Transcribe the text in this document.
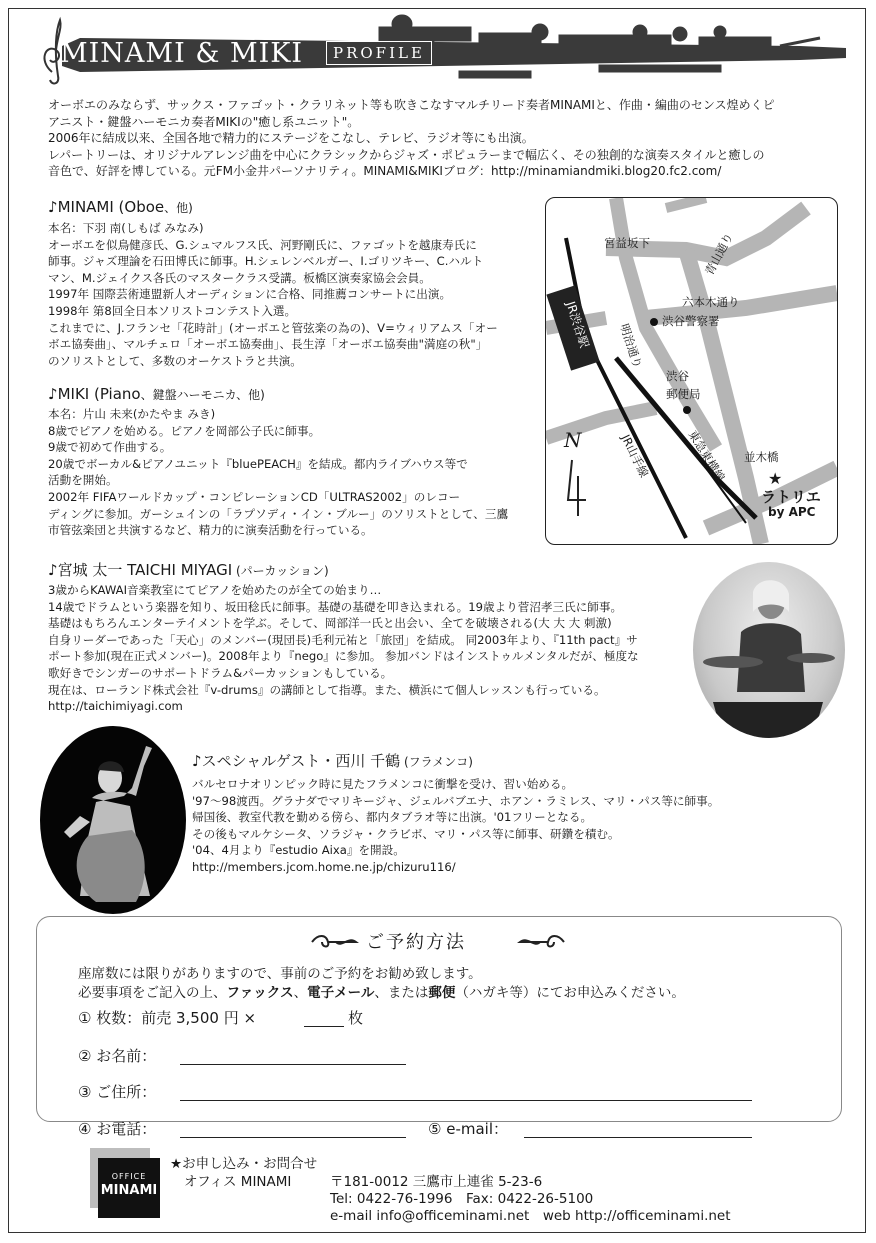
MINAMI & MIKI	PROFILE
オーボエのみならず、サックス・ファゴット・クラリネット等も吹きこなすマルチリード奏者MINAMIと、作曲・編曲のセンス煌めくピ
アニスト・鍵盤ハーモニカ奏者MIKIの"癒し系ユニット"。
2006年に結成以来、全国各地で精力的にステージをこなし、テレビ、ラジオ等にも出演。
レパートリーは、オリジナルアレンジ曲を中心にクラシックからジャズ・ポピュラーまで幅広く、その独創的な演奏スタイルと癒しの
音色で、好評を博している。元FM小金井パーソナリティ。MINAMI&MIKIブログ：http://minamiandmiki.blog20.fc2.com/
♪MINAMI (Oboe、他)
本名：下羽 南(しもば みなみ)
オーボエを似鳥健彦氏、G.シュマルフス氏、河野剛氏に、ファゴットを越康寿氏に
師事。ジャズ理論を石田博氏に師事。H.シェレンベルガー、I.ゴリツキー、C.ハルト
マン、M.ジェイクス各氏のマスタークラス受講。板橋区演奏家協会会員。
1997年 国際芸術連盟新人オーディションに合格、同推薦コンサートに出演。
1998年 第8回全日本ソリストコンテスト入選。
これまでに、J.フランセ「花時計」(オーボエと管弦楽の為の)、V=ウィリアムス「オー
ボエ協奏曲」、マルチェロ「オーボエ協奏曲」、長生淳「オーボエ協奏曲"満庭の秋"」
のソリストとして、多数のオーケストラと共演。
♪MIKI (Piano、鍵盤ハーモニカ、他)
本名：片山 未来(かたやま みき)
8歳でピアノを始める。ピアノを岡部公子氏に師事。
9歳で初めて作曲する。
20歳でボーカル&ピアノユニット『bluePEACH』を結成。都内ライブハウス等で
活動を開始。
2002年 FIFAワールドカップ・コンピレーションCD「ULTRAS2002」のレコー
ディングに参加。ガーシュインの「ラプソディ・イン・ブルー」のソリストとして、三鷹
市管弦楽団と共演するなど、精力的に演奏活動を行っている。
宮益坂下	青山通り
六本木通り
渋谷警察署
JR渋谷駅 明治通り
渋谷
郵便局
東急東横線
JR山手線	並木橋
N
★
ラトリエ
by APC
♪宮城 太一 TAICHI MIYAGI (パーカッション)
3歳からKAWAI音楽教室にてピアノを始めたのが全ての始まり…
14歳でドラムという楽器を知り、坂田稔氏に師事。基礎の基礎を叩き込まれる。19歳より菅沼孝三氏に師事。
基礎はもちろんエンターテイメントを学ぶ。そして、岡部洋一氏と出会い、全てを破壊される(大 大 大 刺激)
自身リーダーであった「天心」のメンバー(現団長)毛利元祐と「旅団」を結成。 同2003年より、『11th pact』サ
ポート参加(現在正式メンバー)。2008年より『nego』に参加。 参加バンドはインストゥルメンタルだが、極度な
歌好きでシンガーのサポートドラム&パーカッションもしている。
現在は、ローランド株式会社『v-drums』の講師として指導。また、横浜にて個人レッスンも行っている。
http://taichimiyagi.com
♪スペシャルゲスト・西川 千鶴 (フラメンコ)
バルセロナオリンピック時に見たフラメンコに衝撃を受け、習い始める。
'97～98渡西。グラナダでマリキージャ、ジェルバブエナ、ホアン・ラミレス、マリ・パス等に師事。
帰国後、教室代教を勤める傍ら、都内タブラオ等に出演。'01フリーとなる。
その後もマルケシータ、ソラジャ・クラビボ、マリ・パス等に師事、研鑽を積む。
'04、4月より『estudio Aixa』を開設。
http://members.jcom.home.ne.jp/chizuru116/
ご予約方法
座席数には限りがありますので、事前のご予約をお勧め致します。
必要事項をご記入の上、ファックス、電子メール、または郵便（ハガキ等）にてお申込みください。
① 枚数：前売 3,500 円 ×	枚
② お名前：
③ ご住所：
④ お電話：	⑤ e-mail：
OFFICE
MINAMI
★お申し込み・お問合せ
オフィス MINAMI	〒181-0012 三鷹市上連雀 5-23-6
Tel: 0422-76-1996　Fax: 0422-26-5100
e-mail info@officeminami.net　web http://officeminami.net
